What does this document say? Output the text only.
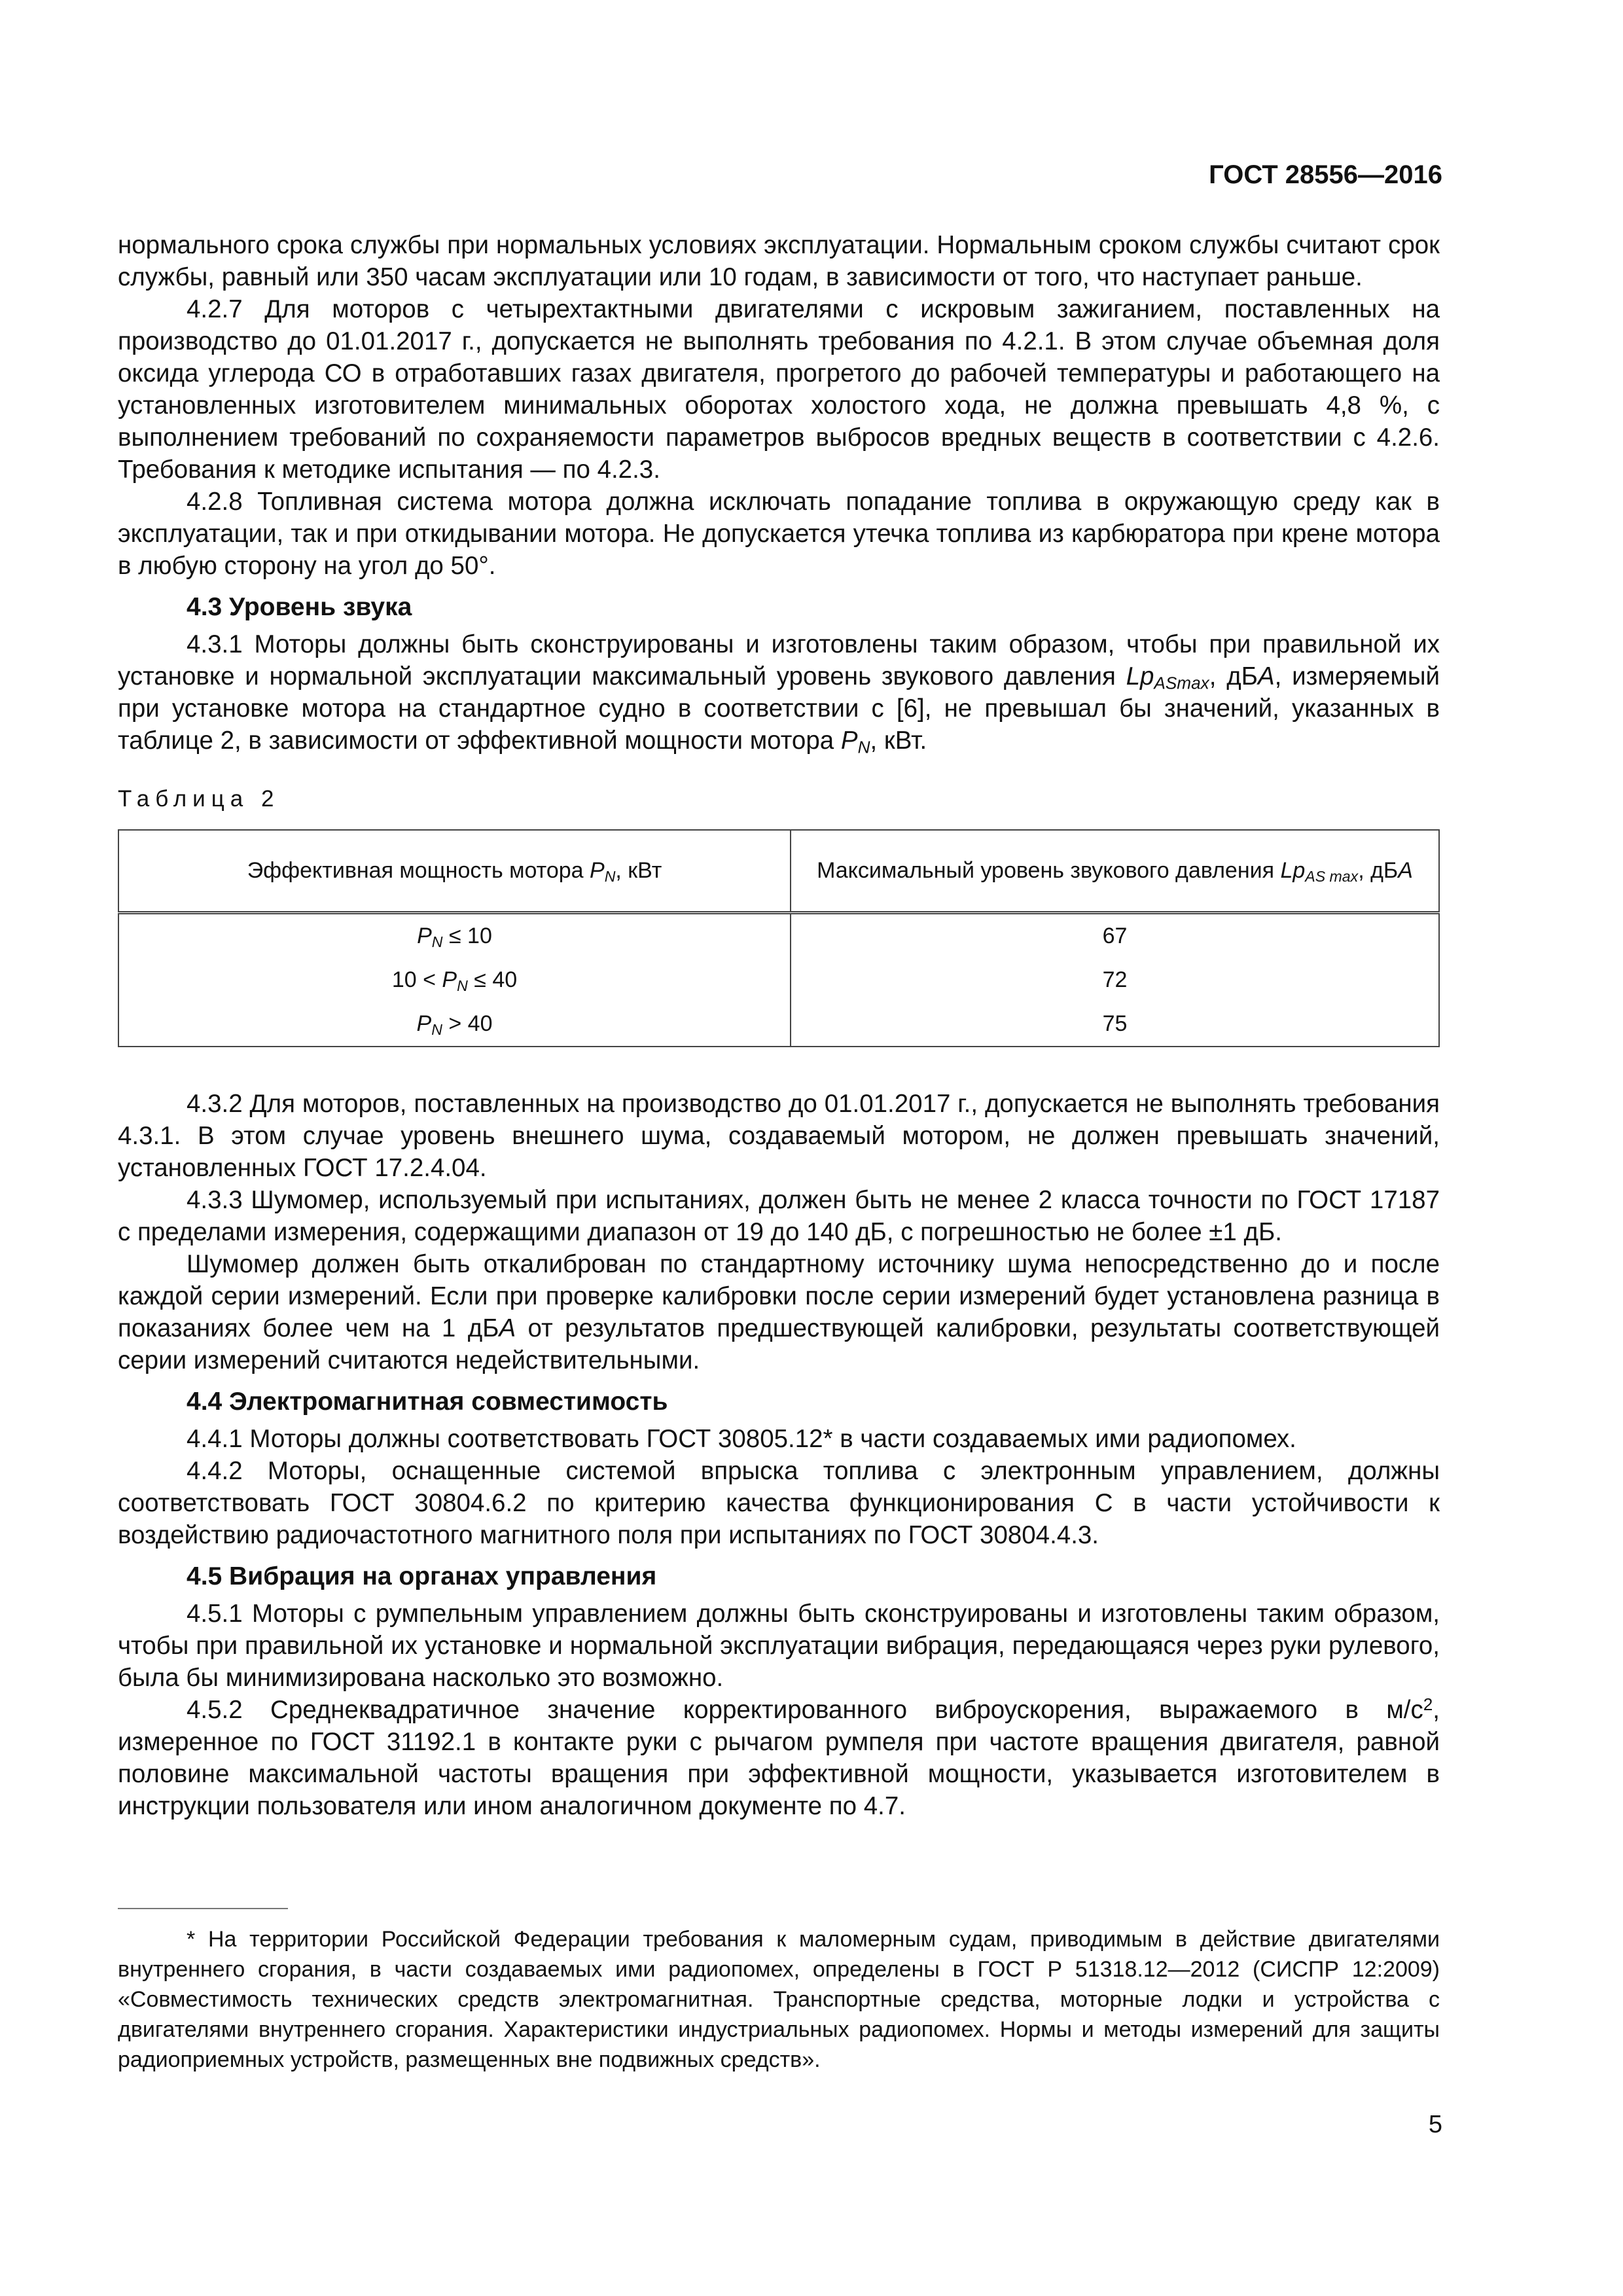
ГОСТ 28556—2016

нормального срока службы при нормальных условиях эксплуатации. Нормальным сроком службы считают срок службы, равный или 350 часам эксплуатации или 10 годам, в зависимости от того, что наступает раньше.

4.2.7 Для моторов с четырехтактными двигателями с искровым зажиганием, поставленных на производство до 01.01.2017 г., допускается не выполнять требования по 4.2.1. В этом случае объемная доля оксида углерода СО в отработавших газах двигателя, прогретого до рабочей температуры и работающего на установленных изготовителем минимальных оборотах холостого хода, не должна превышать 4,8 %, с выполнением требований по сохраняемости параметров выбросов вредных веществ в соответствии с 4.2.6. Требования к методике испытания — по 4.2.3.

4.2.8 Топливная система мотора должна исключать попадание топлива в окружающую среду как в эксплуатации, так и при откидывании мотора. Не допускается утечка топлива из карбюратора при крене мотора в любую сторону на угол до 50°.

4.3 Уровень звука

4.3.1 Моторы должны быть сконструированы и изготовлены таким образом, чтобы при правильной их установке и нормальной эксплуатации максимальный уровень звукового давления $Lp_{ASmax}$, дБA, измеряемый при установке мотора на стандартное судно в соответствии с [6], не превышал бы значений, указанных в таблице 2, в зависимости от эффективной мощности мотора $P_N$, кВт.

Таблица 2
Эффективная мощность мотора $P_N$, кВт	Максимальный уровень звукового давления $Lp_{AS max}$, дБА
$P_N \le 10$	67
$10 < P_N \le 40$	72
$P_N > 40$	75

4.3.2 Для моторов, поставленных на производство до 01.01.2017 г., допускается не выполнять требования 4.3.1. В этом случае уровень внешнего шума, создаваемый мотором, не должен превышать значений, установленных ГОСТ 17.2.4.04.

4.3.3 Шумомер, используемый при испытаниях, должен быть не менее 2 класса точности по ГОСТ 17187 с пределами измерения, содержащими диапазон от 19 до 140 дБ, с погрешностью не более ±1 дБ.

Шумомер должен быть откалиброван по стандартному источнику шума непосредственно до и после каждой серии измерений. Если при проверке калибровки после серии измерений будет установлена разница в показаниях более чем на 1 дБА от результатов предшествующей калибровки, результаты соответствующей серии измерений считаются недействительными.

4.4 Электромагнитная совместимость

4.4.1 Моторы должны соответствовать ГОСТ 30805.12* в части создаваемых ими радиопомех.

4.4.2 Моторы, оснащенные системой впрыска топлива с электронным управлением, должны соответствовать ГОСТ 30804.6.2 по критерию качества функционирования С в части устойчивости к воздействию радиочастотного магнитного поля при испытаниях по ГОСТ 30804.4.3.

4.5 Вибрация на органах управления

4.5.1 Моторы с румпельным управлением должны быть сконструированы и изготовлены таким образом, чтобы при правильной их установке и нормальной эксплуатации вибрация, передающаяся через руки рулевого, была бы минимизирована насколько это возможно.

4.5.2 Среднеквадратичное значение корректированного виброускорения, выражаемого в $м/с^2$, измеренное по ГОСТ 31192.1 в контакте руки с рычагом румпеля при частоте вращения двигателя, равной половине максимальной частоты вращения при эффективной мощности, указывается изготовителем в инструкции пользователя или ином аналогичном документе по 4.7.

* На территории Российской Федерации требования к маломерным судам, приводимым в действие двигателями внутреннего сгорания, в части создаваемых ими радиопомех, определены в ГОСТ Р 51318.12—2012 (СИСПР 12:2009) «Совместимость технических средств электромагнитная. Транспортные средства, моторные лодки и устройства с двигателями внутреннего сгорания. Характеристики индустриальных радиопомех. Нормы и методы измерений для защиты радиоприемных устройств, размещенных вне подвижных средств».

5
